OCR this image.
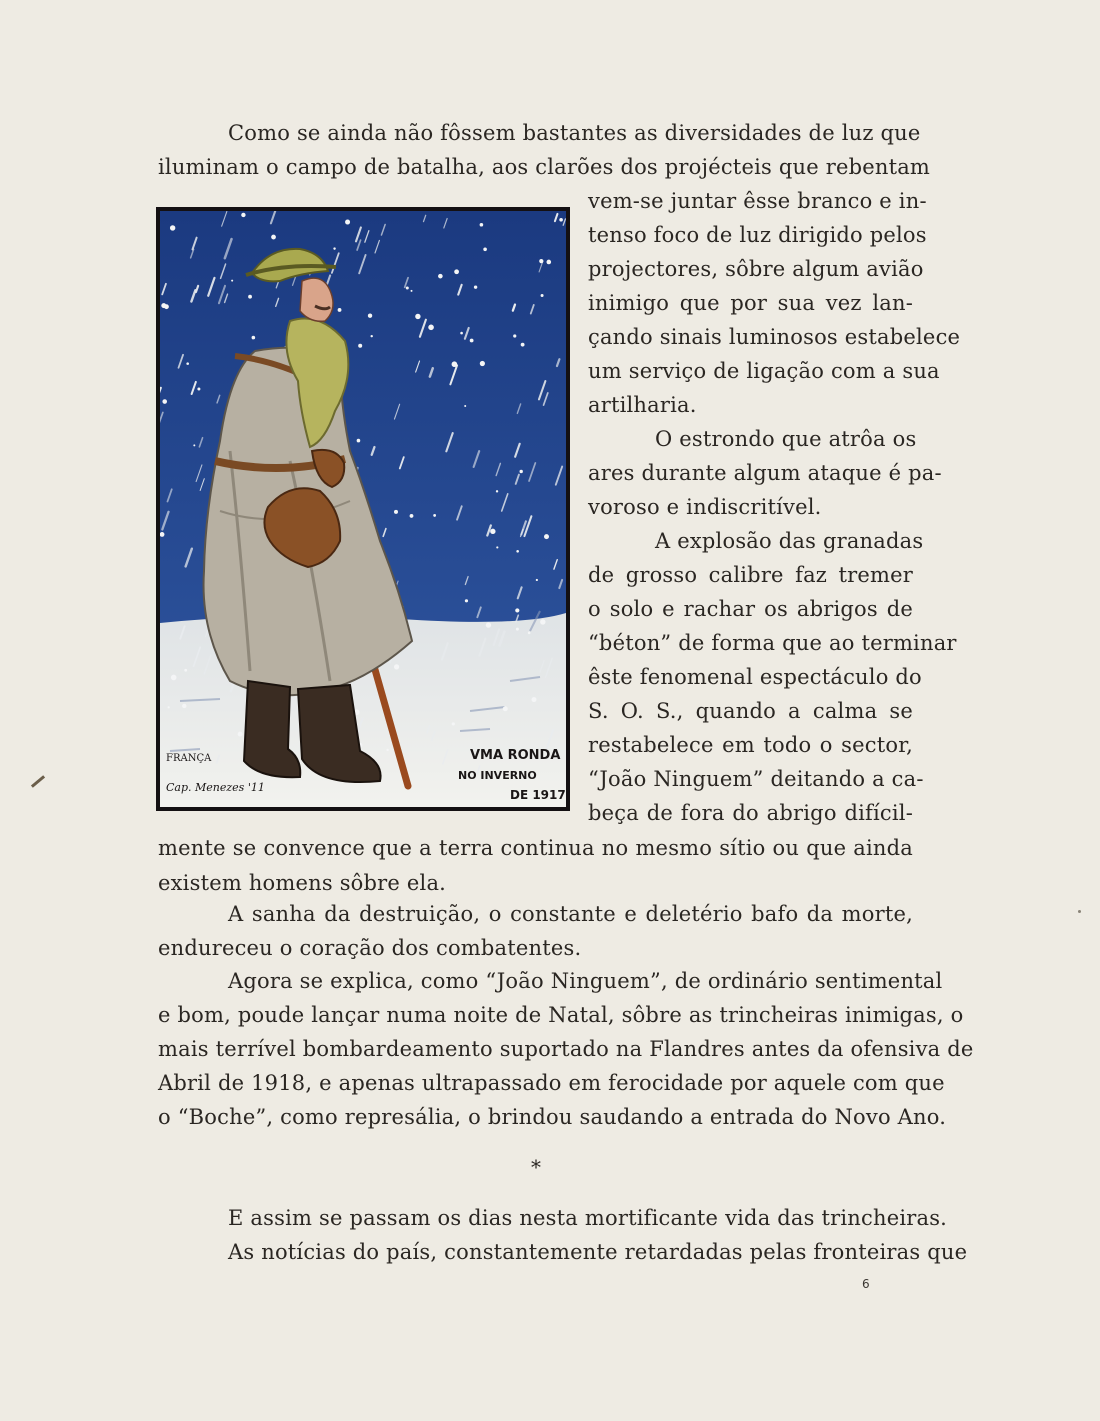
Como se ainda não fôssem bastantes as diversidades de luz que
iluminam o campo de batalha, aos clarões dos projécteis que rebentam
vem-se juntar êsse branco e in-
tenso foco de luz dirigido pelos
projectores, sôbre algum avião
inimigo que por sua vez lan-
çando sinais luminosos estabelece
um serviço de ligação com a sua
artilharia.
O estrondo que atrôa os
ares durante algum ataque é pa-
voroso e indiscritível.
A explosão das granadas
de grosso calibre faz tremer
o solo e rachar os abrigos de
“béton” de forma que ao terminar
êste fenomenal espectáculo do
S. O. S., quando a calma se
restabelece em todo o sector,
“João Ninguem” deitando a ca-
beça de fora do abrigo difícil-
mente se convence que a terra continua no mesmo sítio ou que ainda
existem homens sôbre ela.
A sanha da destruição, o constante e deletério bafo da morte,
endureceu o coração dos combatentes.
Agora se explica, como “João Ninguem”, de ordinário sentimental
e bom, poude lançar numa noite de Natal, sôbre as trincheiras inimigas, o
mais terrível bombardeamento suportado na Flandres antes da ofensiva de
Abril de 1918, e apenas ultrapassado em ferocidade por aquele com que
o “Boche”, como represália, o brindou saudando a entrada do Novo Ano.
*
E assim se passam os dias nesta mortificante vida das trincheiras.
As notícias do país, constantemente retardadas pelas fronteiras que
6
VMA RONDA
NO INVERNO
DE 1917
FRANÇA
Cap. Menezes '11
